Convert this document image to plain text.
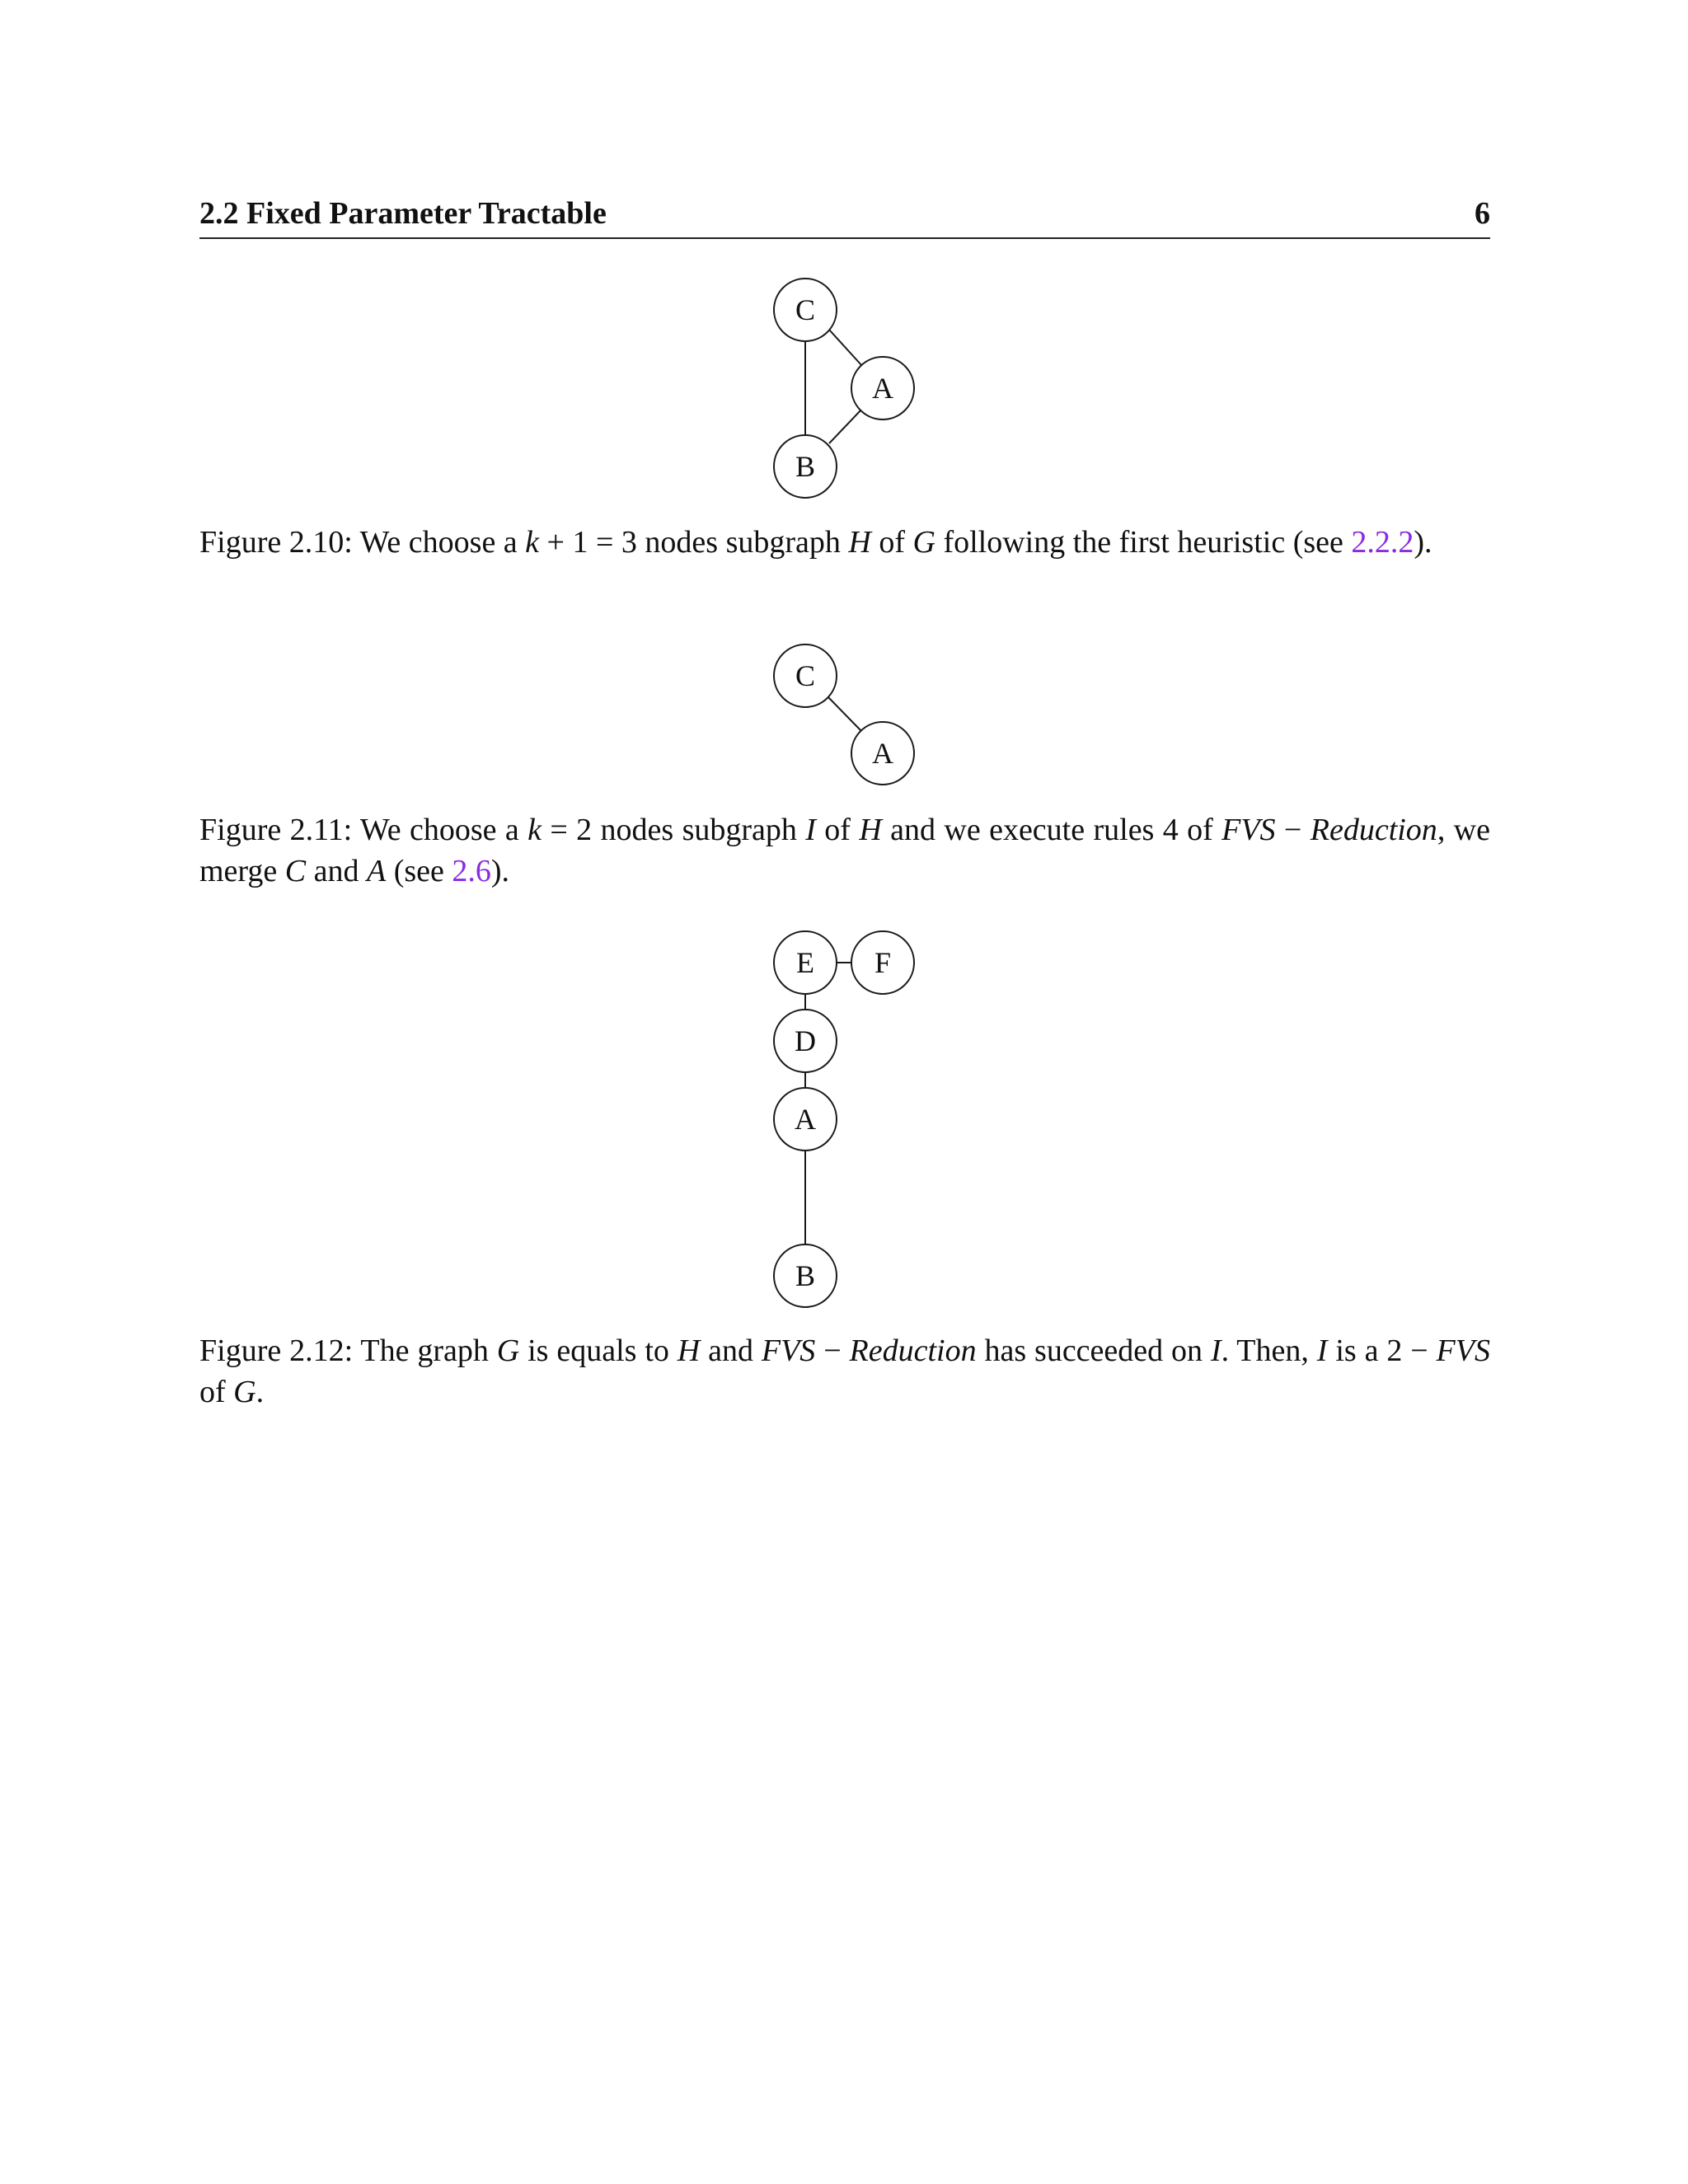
2.2 Fixed Parameter Tractable	6
C
A
B
C
A
E F
D
A
B
Figure 2.10: We choose a k + 1 = 3 nodes subgraph H of G following the first heuristic (see 2.2.2).
Figure 2.11: We choose a k = 2 nodes subgraph I of H and we execute rules 4 of FVS − Reduction, we merge C and A (see 2.6).
Figure 2.12: The graph G is equals to H and FVS − Reduction has succeeded on I. Then, I is a 2 − FVS of G.
